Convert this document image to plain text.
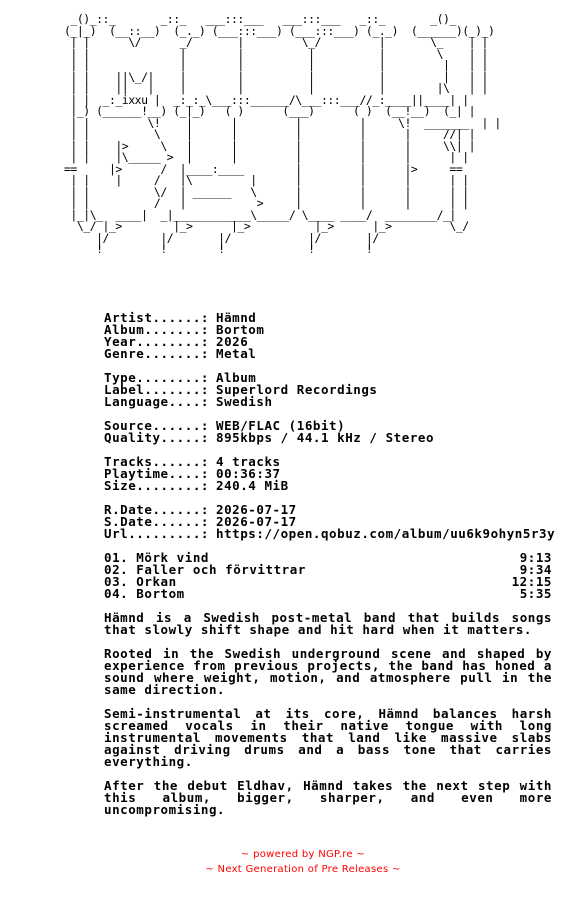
_()_::_       _::_   ___:::___   ___:::___   _::_       _()_
(_|_)  (__::__)  (_._) (___:::___) (___:::___) (_._)  (______)(_)_)
| |      \/      _/       |         \_/         |       \_    | |
| |              |        |          |          |        \    | |
| |              |        |          |          |         |   | |
| |    ||\_/|    |        |          |          |         |   | |
| |    ||   |    |        |          |          |        |\   | |
| |  _:_ixxu |  _:_:_\___:::______/\___:::___//_:____||____| |
|_) (______!__) (_|_)   ( )      (___)      ( )  (__!__)  (_| |
| |         \!    |      |         |         |     \!  _______  | |
| |          \    |      |         |         |      |     //| |
| |    |>     \   |      |         |         |      |     \\| |
| |    |\_____ >  |      |         |         |      |      | |
==     |>      /  |____:____        |         |      |>     ==
| |    |     /   |\         |      |         |      |      | |
| |          \/  | ______   \      |         |      |      | |
| |          /   |           >     |         |      |      | |
|_|\_  ____|  _|____________\_____/ \____ ____/  ________/_|
\_/ |_>        |_>      |_>          |_>      |_>         \_/
|/        |/       |/            |/       |/
!         !        !             !        !
Artist......: Hämnd
Album.......: Bortom
Year........: 2026
Genre.......: Metal
Type........: Album
Label.......: Superlord Recordings
Language....: Swedish
Source......: WEB/FLAC (16bit)
Quality.....: 895kbps / 44.1 kHz / Stereo
Tracks......: 4 tracks
Playtime....: 00:36:37
Size........: 240.4 MiB
R.Date......: 2026-07-17
S.Date......: 2026-07-17
Url.........: https://open.qobuz.com/album/uu6k9ohyn5r3y
01. Mörk vind	9:13
02. Faller och förvittrar	9:34
03. Orkan	12:15
04. Bortom	5:35

Hämnd is a Swedish post-metal band that builds songs that slowly shift shape and hit hard when it matters.

Rooted in the Swedish underground scene and shaped by experience from previous projects, the band has honed a sound where weight, motion, and atmosphere pull in the same direction.

Semi-instrumental at its core, Hämnd balances harsh screamed vocals in their native tongue with long instrumental movements that land like massive slabs against driving drums and a bass tone that carries everything.

After the debut Eldhav, Hämnd takes the next step with this album, bigger, sharper, and even more uncompromising.

~ powered by NGP.re ~
~ Next Generation of Pre Releases ~
